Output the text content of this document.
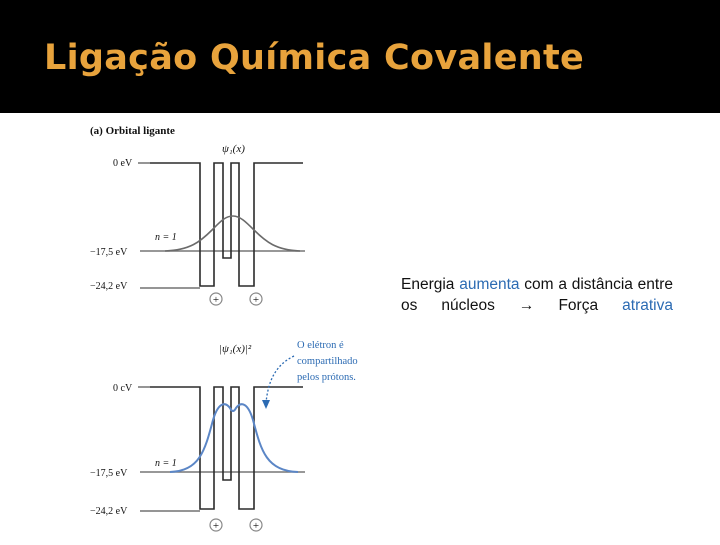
Ligação Química Covalente
(a) Orbital ligante
0 eV
−17,5 eV
−24,2 eV
ψ₁(x)
n = 1
+	+
0 cV
−17,5 eV
−24,2 eV
|ψ₁(x)|²
n = 1
O elétron é
compartilhado
pelos prótons.
+	+
Energia aumenta com a distância entre os núcleos → Força atrativa
